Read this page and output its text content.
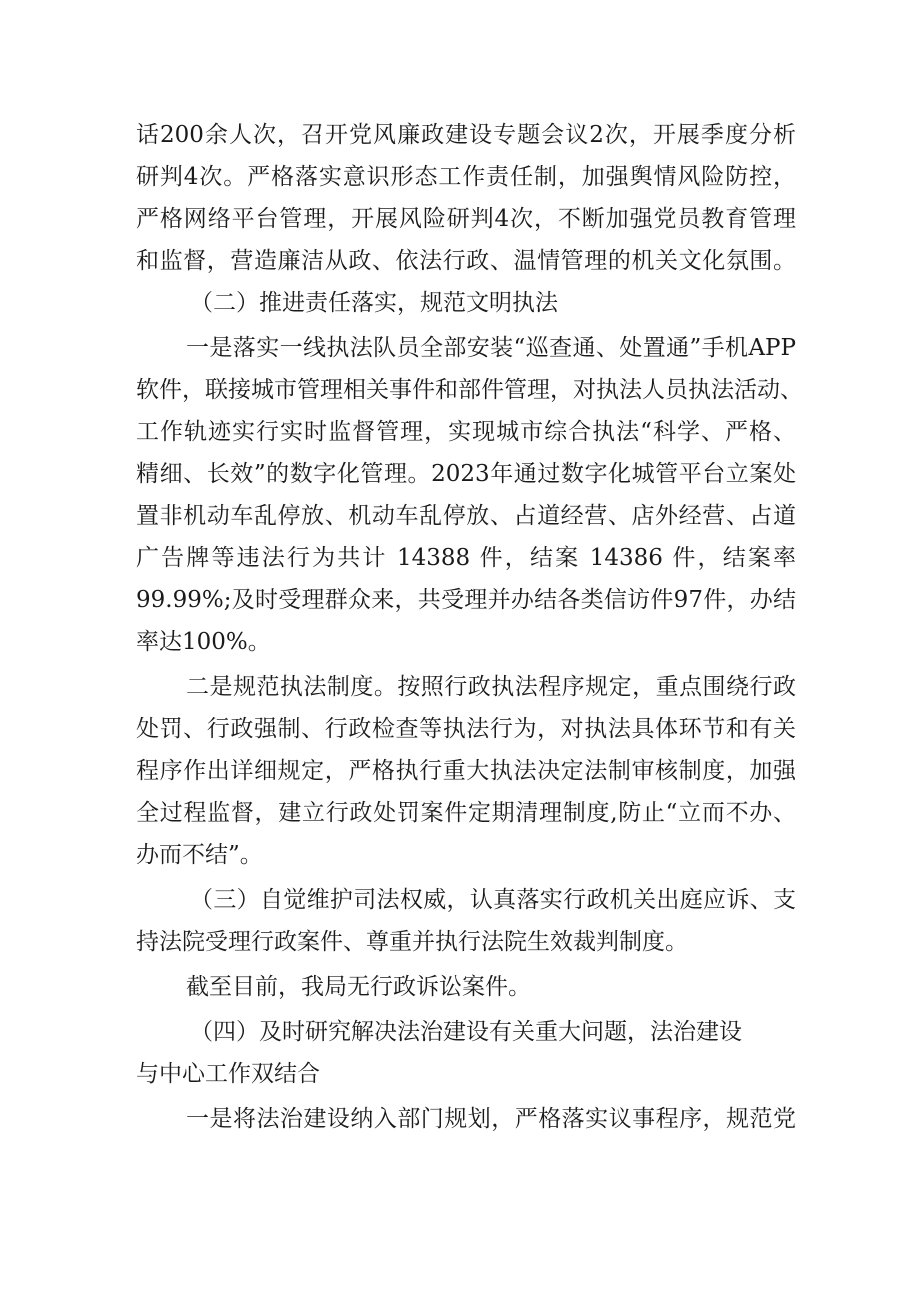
话200余人次，召开党风廉政建设专题会议2次，开展季度分析
研判4次。严格落实意识形态工作责任制，加强舆情风险防控，
严格网络平台管理，开展风险研判4次，不断加强党员教育管理
和监督，营造廉洁从政、依法行政、温情管理的机关文化氛围。
（二）推进责任落实，规范文明执法
一是落实一线执法队员全部安装“巡查通、处置通”手机APP
软件，联接城市管理相关事件和部件管理，对执法人员执法活动、
工作轨迹实行实时监督管理，实现城市综合执法“科学、严格、
精细、长效”的数字化管理。2023年通过数字化城管平台立案处
置非机动车乱停放、机动车乱停放、占道经营、店外经营、占道
广告牌等违法行为共计 14388 件，结案 14386 件，结案率
99.99%;及时受理群众来，共受理并办结各类信访件97件，办结
率达100%。
二是规范执法制度。按照行政执法程序规定，重点围绕行政
处罚、行政强制、行政检查等执法行为，对执法具体环节和有关
程序作出详细规定，严格执行重大执法决定法制审核制度，加强
全过程监督，建立行政处罚案件定期清理制度,防止“立而不办、
办而不结”。
（三）自觉维护司法权威，认真落实行政机关出庭应诉、支
持法院受理行政案件、尊重并执行法院生效裁判制度。
截至目前，我局无行政诉讼案件。
（四）及时研究解决法治建设有关重大问题，法治建设
与中心工作双结合
一是将法治建设纳入部门规划，严格落实议事程序，规范党
